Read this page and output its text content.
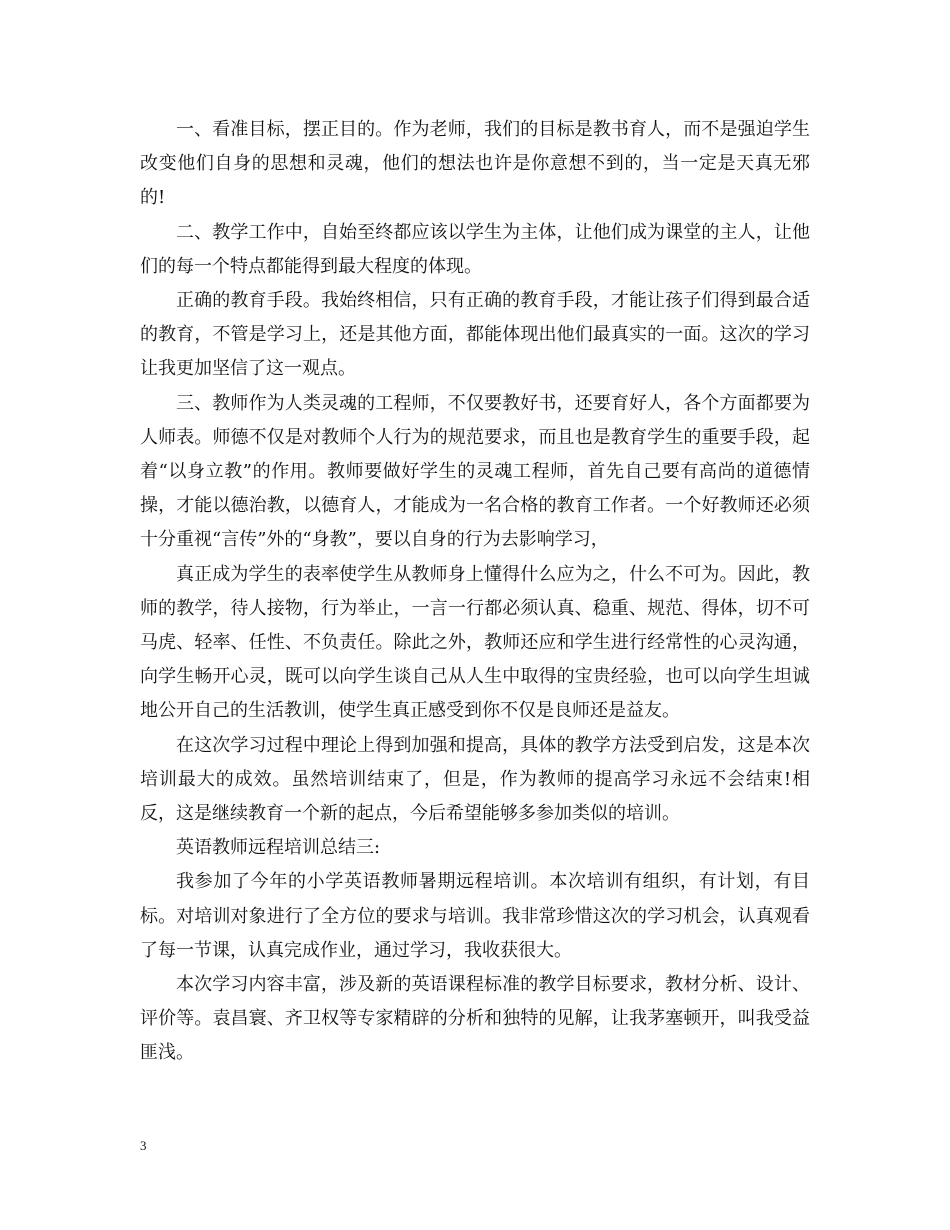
一、看准目标，摆正目的。作为老师，我们的目标是教书育人，而不是强迫学生改变他们自身的思想和灵魂，他们的想法也许是你意想不到的，当一定是天真无邪的!

二、教学工作中，自始至终都应该以学生为主体，让他们成为课堂的主人，让他们的每一个特点都能得到最大程度的体现。

正确的教育手段。我始终相信，只有正确的教育手段，才能让孩子们得到最合适的教育，不管是学习上，还是其他方面，都能体现出他们最真实的一面。这次的学习让我更加坚信了这一观点。

三、教师作为人类灵魂的工程师，不仅要教好书，还要育好人，各个方面都要为人师表。师德不仅是对教师个人行为的规范要求，而且也是教育学生的重要手段，起着“以身立教”的作用。教师要做好学生的灵魂工程师，首先自己要有高尚的道德情操，才能以德治教，以德育人，才能成为一名合格的教育工作者。一个好教师还必须十分重视“言传”外的“身教”，要以自身的行为去影响学习，

真正成为学生的表率使学生从教师身上懂得什么应为之，什么不可为。因此，教师的教学，待人接物，行为举止，一言一行都必须认真、稳重、规范、得体，切不可马虎、轻率、任性、不负责任。除此之外，教师还应和学生进行经常性的心灵沟通，向学生畅开心灵，既可以向学生谈自己从人生中取得的宝贵经验，也可以向学生坦诚地公开自己的生活教训，使学生真正感受到你不仅是良师还是益友。

在这次学习过程中理论上得到加强和提高，具体的教学方法受到启发，这是本次培训最大的成效。虽然培训结束了，但是，作为教师的提高学习永远不会结束!相反，这是继续教育一个新的起点，今后希望能够多参加类似的培训。

英语教师远程培训总结三:

我参加了今年的小学英语教师暑期远程培训。本次培训有组织，有计划，有目标。对培训对象进行了全方位的要求与培训。我非常珍惜这次的学习机会，认真观看了每一节课，认真完成作业，通过学习，我收获很大。

本次学习内容丰富，涉及新的英语课程标准的教学目标要求，教材分析、设计、评价等。袁昌寰、齐卫权等专家精辟的分析和独特的见解，让我茅塞顿开，叫我受益匪浅。

3
